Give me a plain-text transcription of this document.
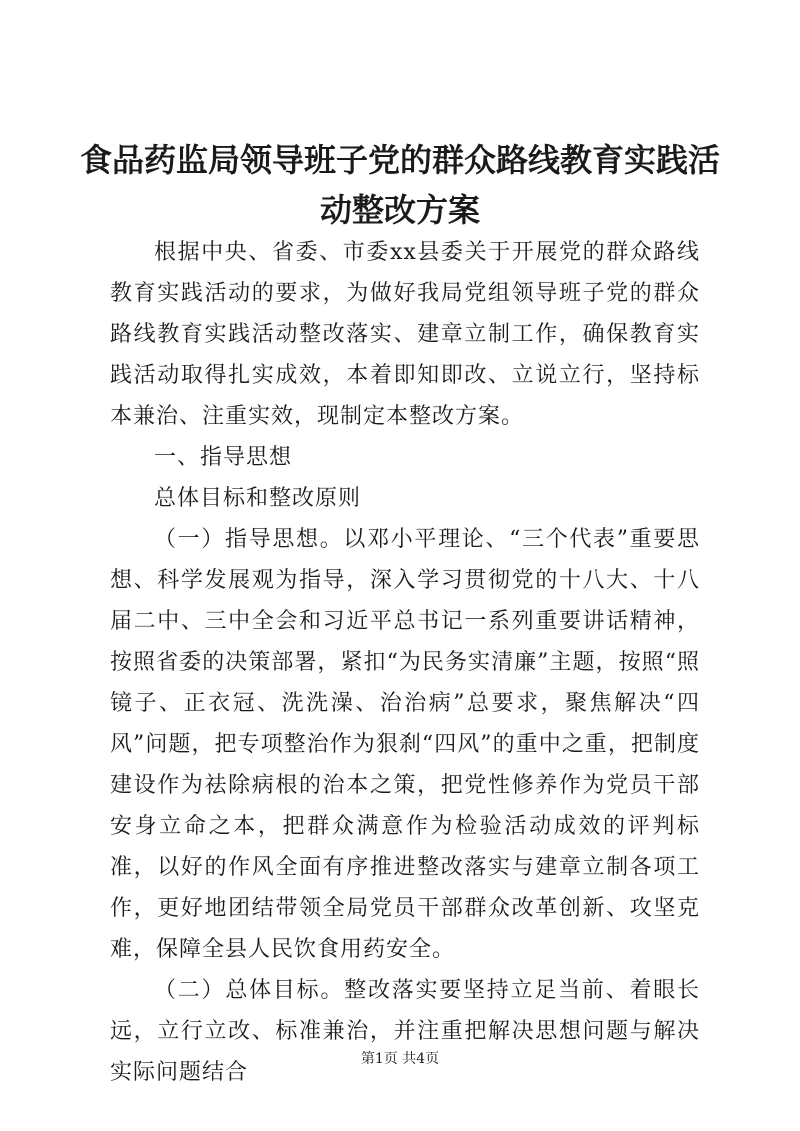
食品药监局领导班子党的群众路线教育实践活动整改方案

根据中央、省委、市委xx县委关于开展党的群众路线教育实践活动的要求，为做好我局党组领导班子党的群众路线教育实践活动整改落实、建章立制工作，确保教育实践活动取得扎实成效，本着即知即改、立说立行，坚持标本兼治、注重实效，现制定本整改方案。

一、指导思想

总体目标和整改原则

（一）指导思想。以邓小平理论、“三个代表”重要思想、科学发展观为指导，深入学习贯彻党的十八大、十八届二中、三中全会和习近平总书记一系列重要讲话精神，按照省委的决策部署，紧扣“为民务实清廉”主题，按照“照镜子、正衣冠、洗洗澡、治治病”总要求，聚焦解决“四风”问题，把专项整治作为狠刹“四风”的重中之重，把制度建设作为祛除病根的治本之策，把党性修养作为党员干部安身立命之本，把群众满意作为检验活动成效的评判标准，以好的作风全面有序推进整改落实与建章立制各项工作，更好地团结带领全局党员干部群众改革创新、攻坚克难，保障全县人民饮食用药安全。

（二）总体目标。整改落实要坚持立足当前、着眼长远，立行立改、标准兼治，并注重把解决思想问题与解决实际问题结合

第1页 共4页
